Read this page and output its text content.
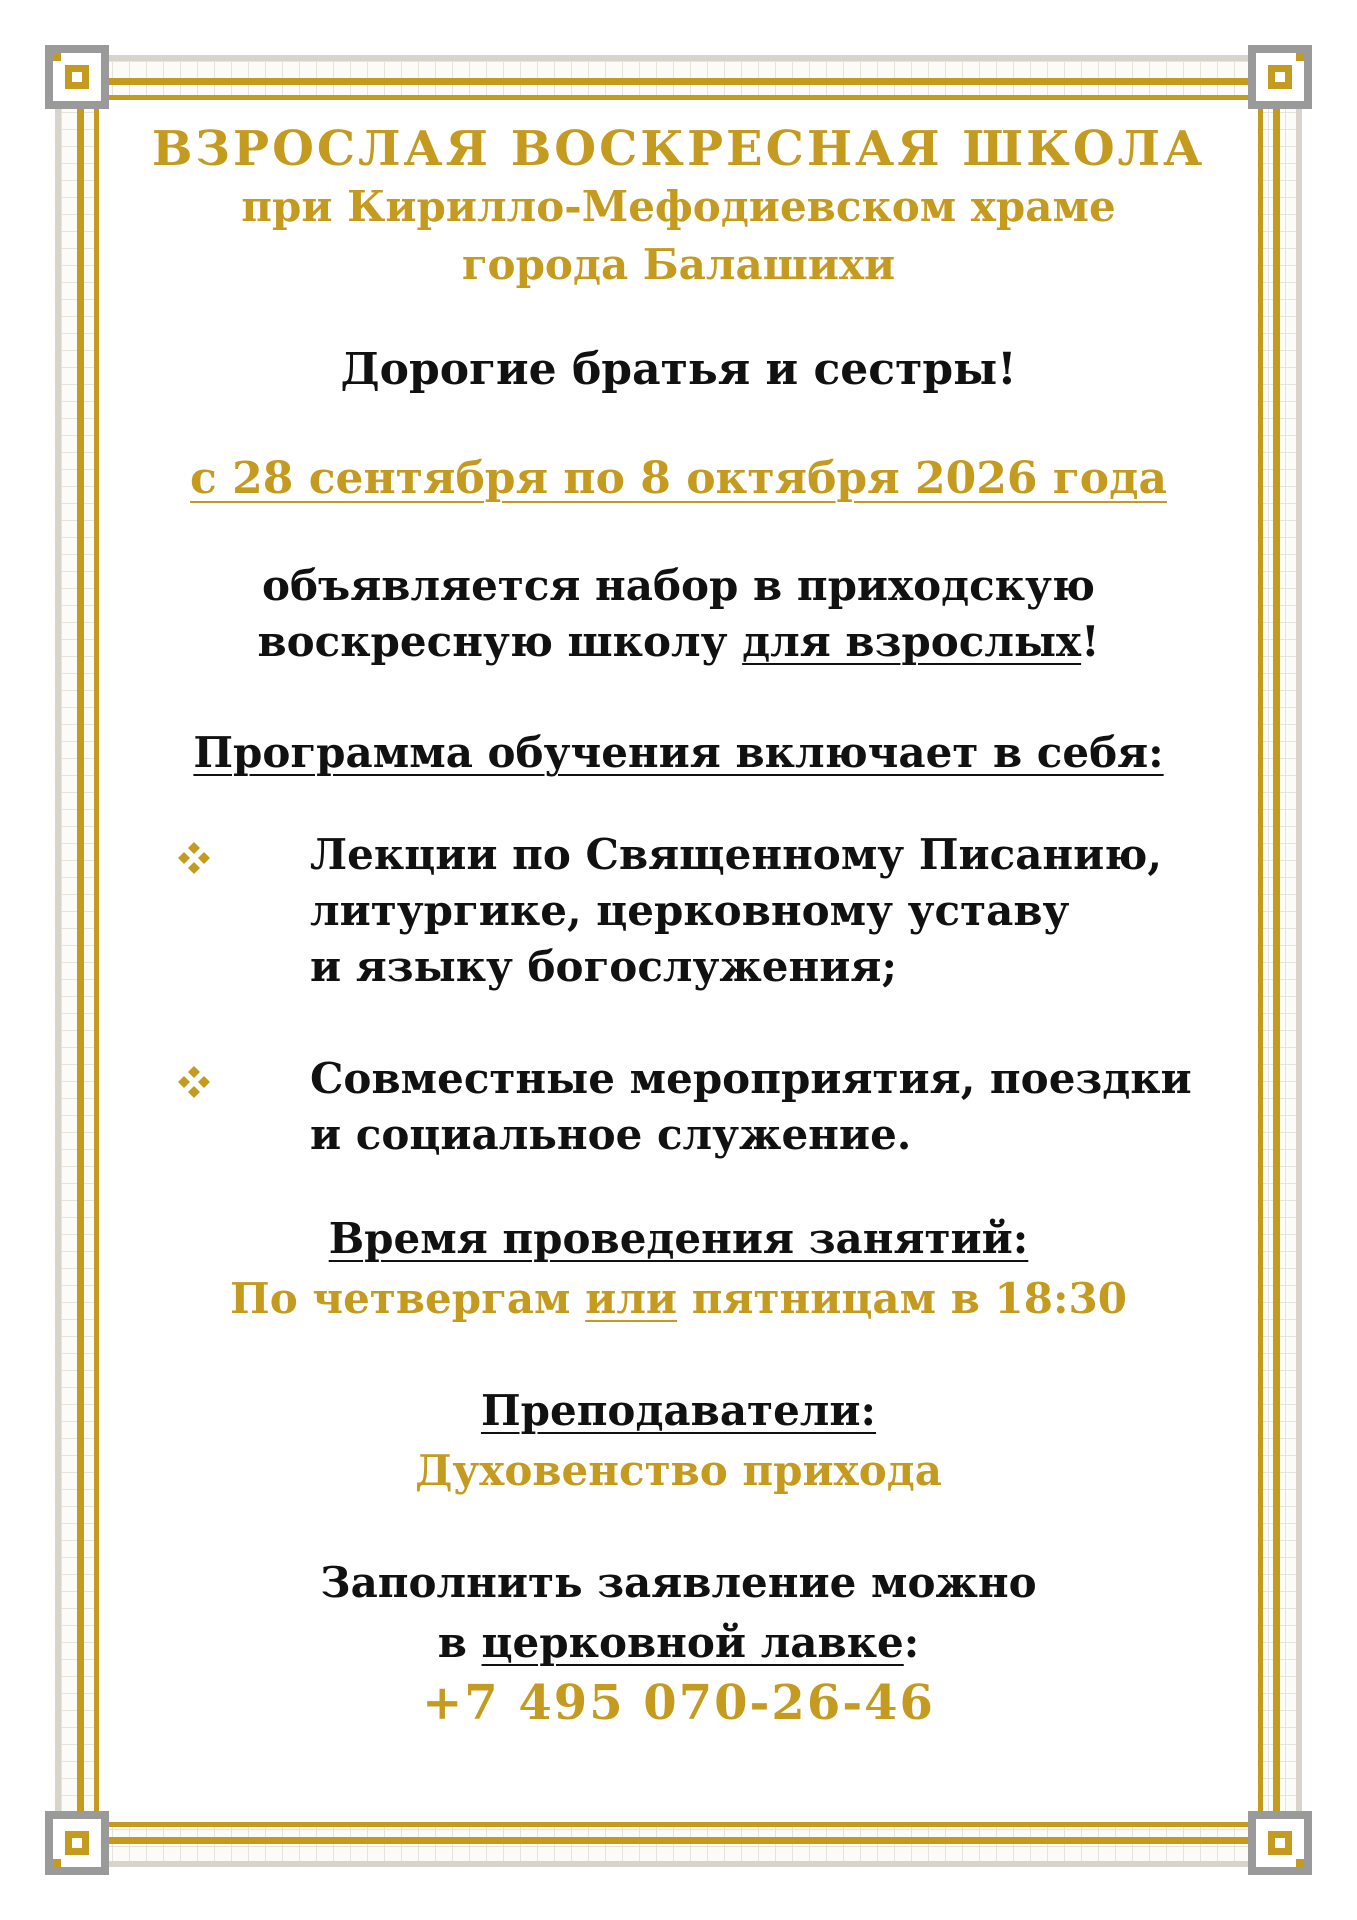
ВЗРОСЛАЯ ВОСКРЕСНАЯ ШКОЛА
при Кирилло-Мефодиевском храме
города Балашихи
Дорогие братья и сестры!
с 28 сентября по 8 октября 2026 года
объявляется набор в приходскую
воскресную школу для взрослых!
Программа обучения включает в себя:
Лекции по Священному Писанию,
литургике, церковному уставу
и языку богослужения;
Совместные мероприятия, поездки
и социальное служение.
Время проведения занятий:
По четвергам или пятницам в 18:30
Преподаватели:
Духовенство прихода
Заполнить заявление можно
в церковной лавке:
+7 495 070-26-46
